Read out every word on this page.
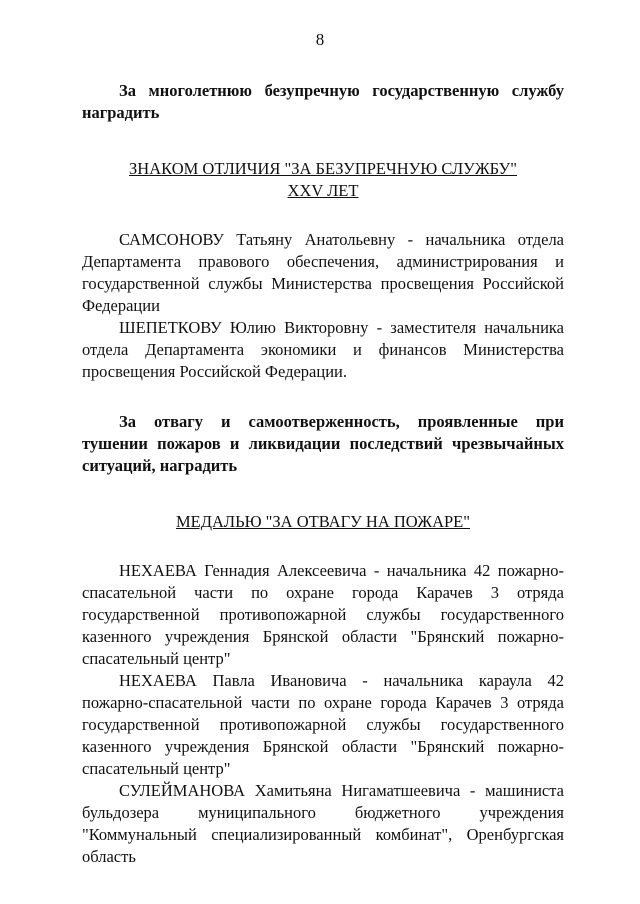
8

За многолетнюю безупречную государственную службу наградить

ЗНАКОМ ОТЛИЧИЯ "ЗА БЕЗУПРЕЧНУЮ СЛУЖБУ"

XXV ЛЕТ

САМСОНОВУ Татьяну Анатольевну - начальника отдела Департамента правового обеспечения, администрирования и государственной службы Министерства просвещения Российской Федерации

ШЕПЕТКОВУ Юлию Викторовну - заместителя начальника отдела Департамента экономики и финансов Министерства просвещения Российской Федерации.

За отвагу и самоотверженность, проявленные при тушении пожаров и ликвидации последствий чрезвычайных ситуаций, наградить

МЕДАЛЬЮ "ЗА ОТВАГУ НА ПОЖАРЕ"

НЕХАЕВА Геннадия Алексеевича - начальника 42 пожарно-спасательной части по охране города Карачев 3 отряда государственной противопожарной службы государственного казенного учреждения Брянской области "Брянский пожарно-спасательный центр"

НЕХАЕВА Павла Ивановича - начальника караула 42 пожарно-спасательной части по охране города Карачев 3 отряда государственной противопожарной службы государственного казенного учреждения Брянской области "Брянский пожарно-спасательный центр"

СУЛЕЙМАНОВА Хамитьяна Нигаматшеевича - машиниста бульдозера муниципального бюджетного учреждения "Коммунальный специализированный комбинат", Оренбургская область
